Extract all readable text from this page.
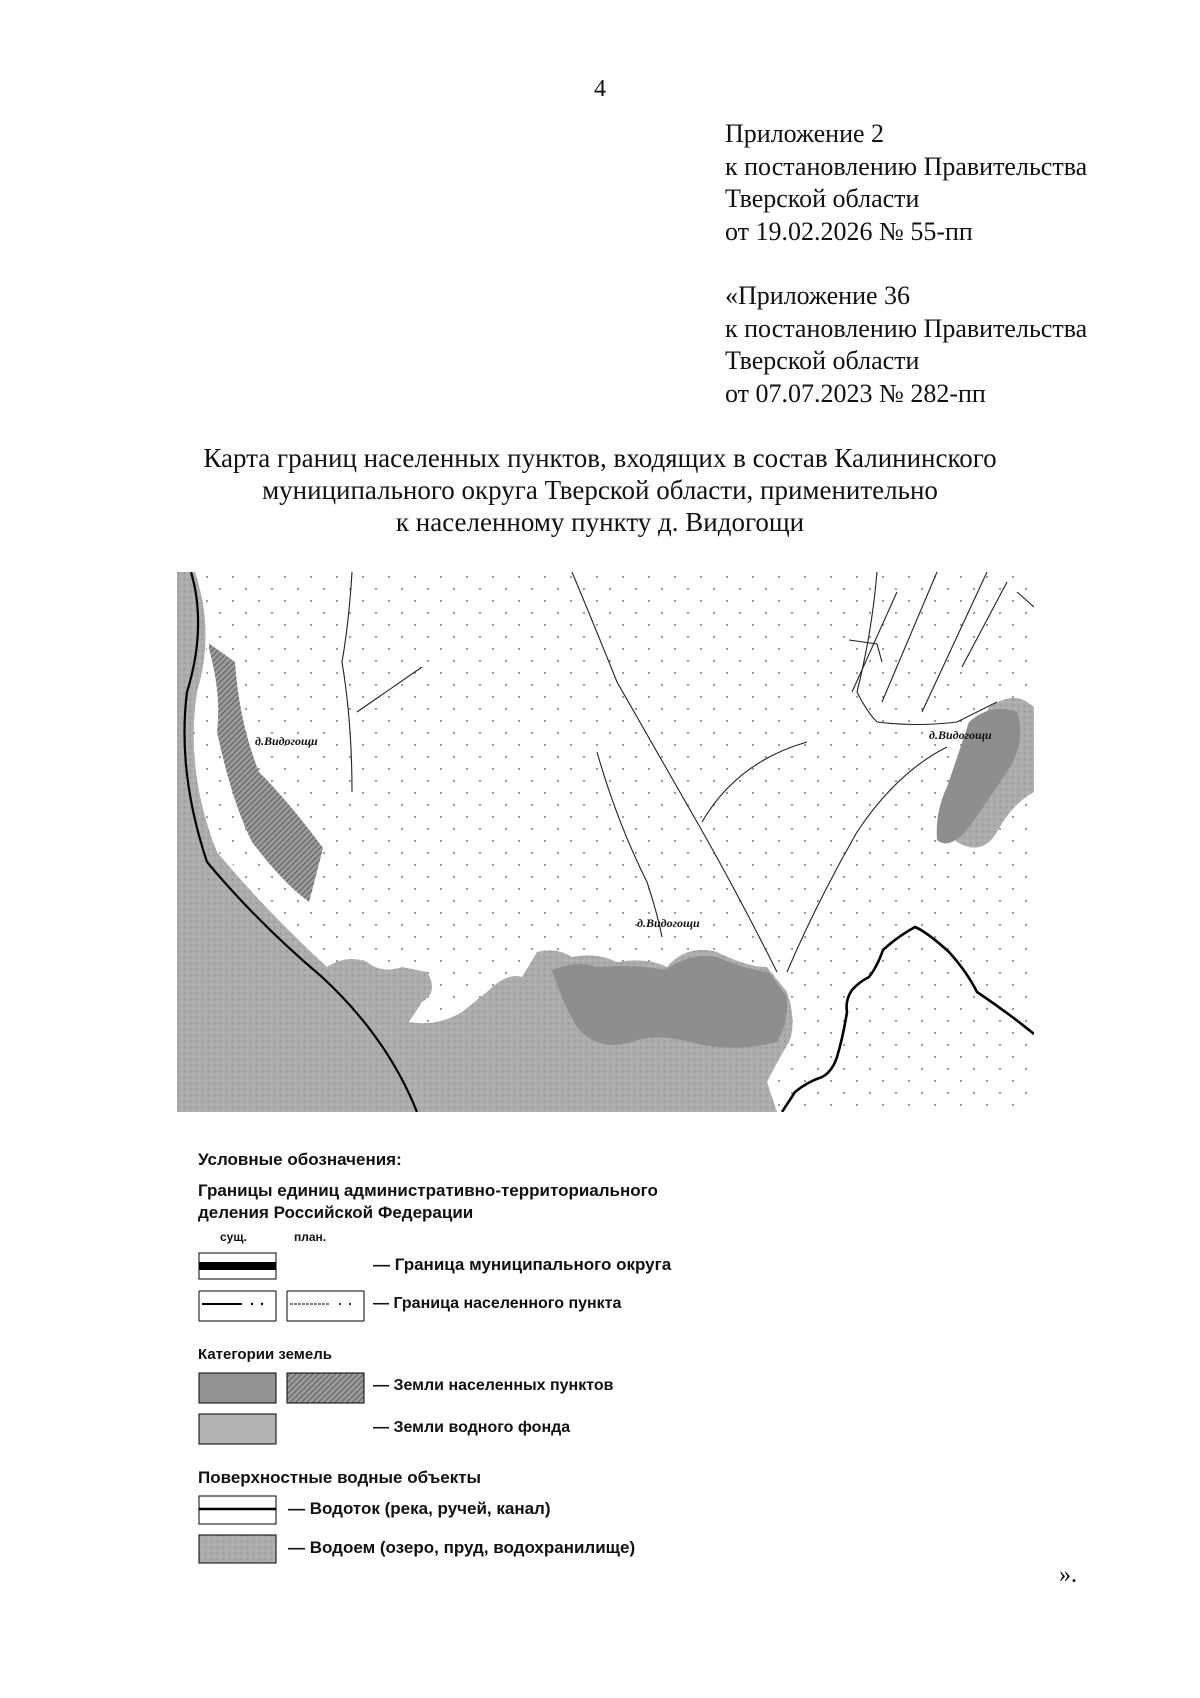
4
Приложение 2
к постановлению Правительства
Тверской области
от 19.02.2026 № 55-пп
«Приложение 36
к постановлению Правительства
Тверской области
от 07.07.2023 № 282-пп
Карта границ населенных пунктов, входящих в состав Калининского
муниципального округа Тверской области, применительно
к населенному пункту д. Видогощи
д.Видогощи
д.Видогощи
д.Видогощи
Условные обозначения:
Границы единиц административно-территориального
деления Российской Федерации
сущ.	план.
— Граница муниципального округа
— Граница населенного пункта
Категории земель
— Земли населенных пунктов
— Земли водного фонда
Поверхностные водные объекты
— Водоток (река, ручей, канал)
— Водоем (озеро, пруд, водохранилище)
».
